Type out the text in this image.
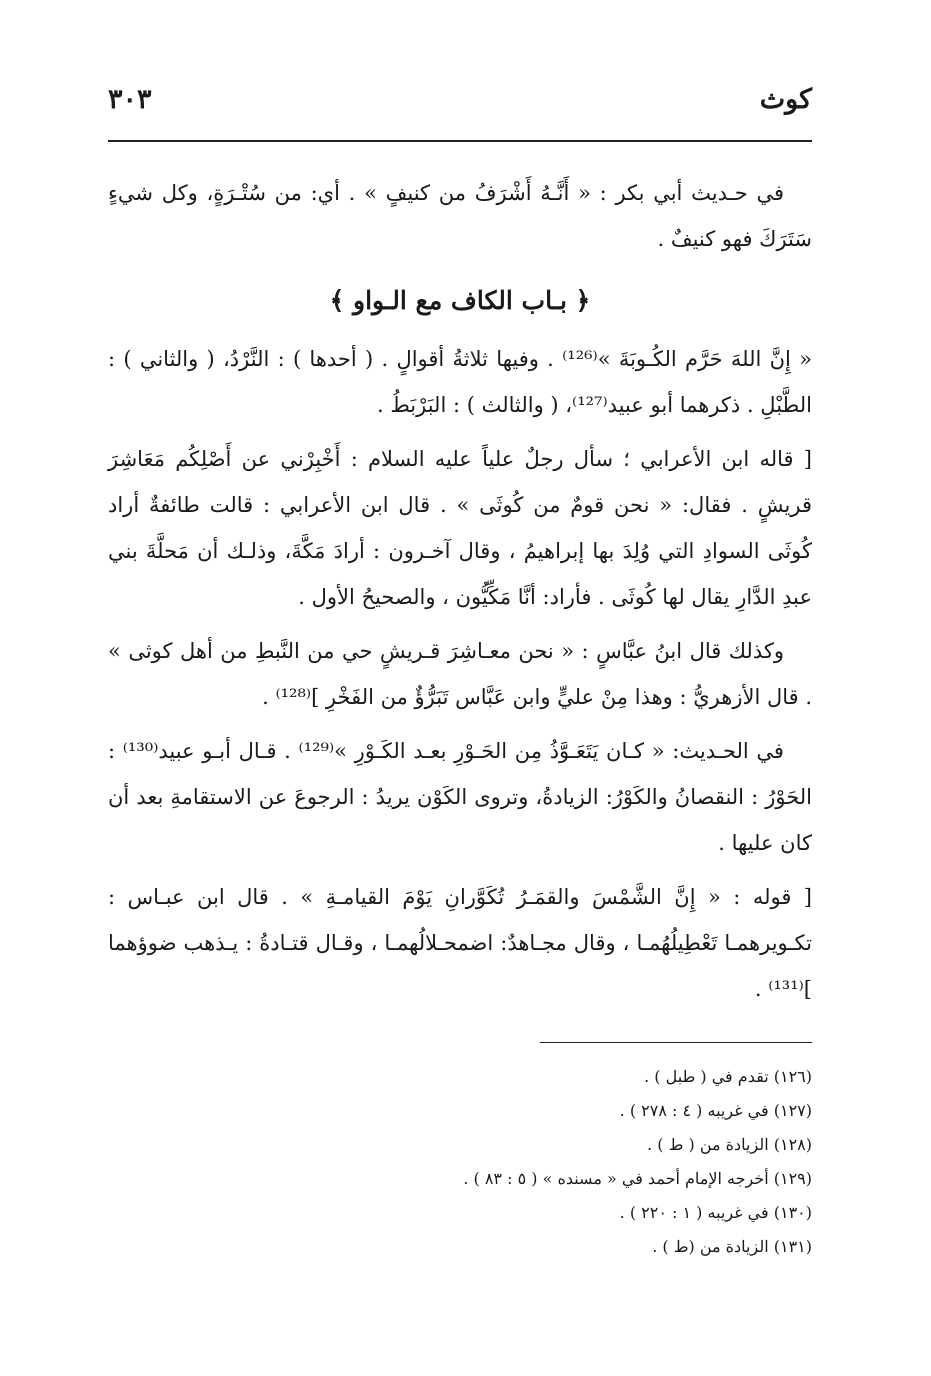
كوث
٣٠٣

في حـديث أبي بكر : « أَنَّـهُ أَشْرَفُ من كنيفٍ » . أي: من سُتْـرَةٍ، وكل شيءٍ سَتَرَكَ فهو كنيفٌ .

﴿ بـاب الكاف مع الـواو ﴾

« إِنَّ اللهَ حَرَّم الكُـوبَةَ »⁽¹²⁶⁾ . وفيها ثلاثةُ أقوالٍ . ( أحدها ) : النَّرْدُ، ( والثاني ) : الطَّبْلِ . ذكرهما أبو عبيد⁽¹²⁷⁾، ( والثالث ) : البَرْبَطُ .

[ قاله ابن الأعرابي ؛ سأل رجلٌ علياً عليه السلام : أَخْبِرْني عن أَصْلِكُم مَعَاشِرَ قريشٍ . فقال: « نحن قومٌ من كُوثَى » . قال ابن الأعرابي : قالت طائفةٌ أراد كُوثَى السوادِ التي وُلِدَ بها إبراهيمُ ، وقال آخـرون : أرادَ مَكَّةَ، وذلـك أن مَحلَّةَ بني عبدِ الدَّارِ يقال لها كُوثَى . فأراد: أنَّا مَكِّيُّون ، والصحيحُ الأول .

وكذلك قال ابنُ عبَّاسٍ : « نحن معـاشِرَ قـريشٍ حي من النَّبطِ من أهل كوثى » . قال الأزهريُّ : وهذا مِنْ عليٍّ وابن عَبَّاس تَبَرُّؤٌ من الفَخْرِ ]⁽¹²⁸⁾ .

في الحـديث: « كـان يَتَعَـوَّذُ مِن الحَـوْرِ بعـد الكَـوْرِ »⁽¹²⁹⁾ . قـال أبـو عبيد⁽¹³⁰⁾ : الحَوْرُ : النقصانُ والكَوْرُ: الزيادةُ، وتروى الكَوْن يريدُ : الرجوعَ عن الاستقامةِ بعد أن كان عليها .

[ قوله : « إِنَّ الشَّمْسَ والقمَـرُ تُكَوَّرانِ يَوْمَ القيامـةِ » . قال ابن عبـاس : تكـويرهمـا تَعْطِيلُهُمـا ، وقال مجـاهدٌ: اضمحـلالُهمـا ، وقـال قتـادةُ : يـذهب ضوؤهما ]⁽¹³¹⁾ .

(١٢٦) تقدم في ( طبل ) .
(١٢٧) في غريبه ( ٤ : ٢٧٨ ) .
(١٢٨) الزيادة من ( ط ) .
(١٢٩) أخرجه الإمام أحمد في « مسنده » ( ٥ : ٨٣ ) .
(١٣٠) في غريبه ( ١ : ٢٢٠ ) .
(١٣١) الزيادة من (ط ) .
